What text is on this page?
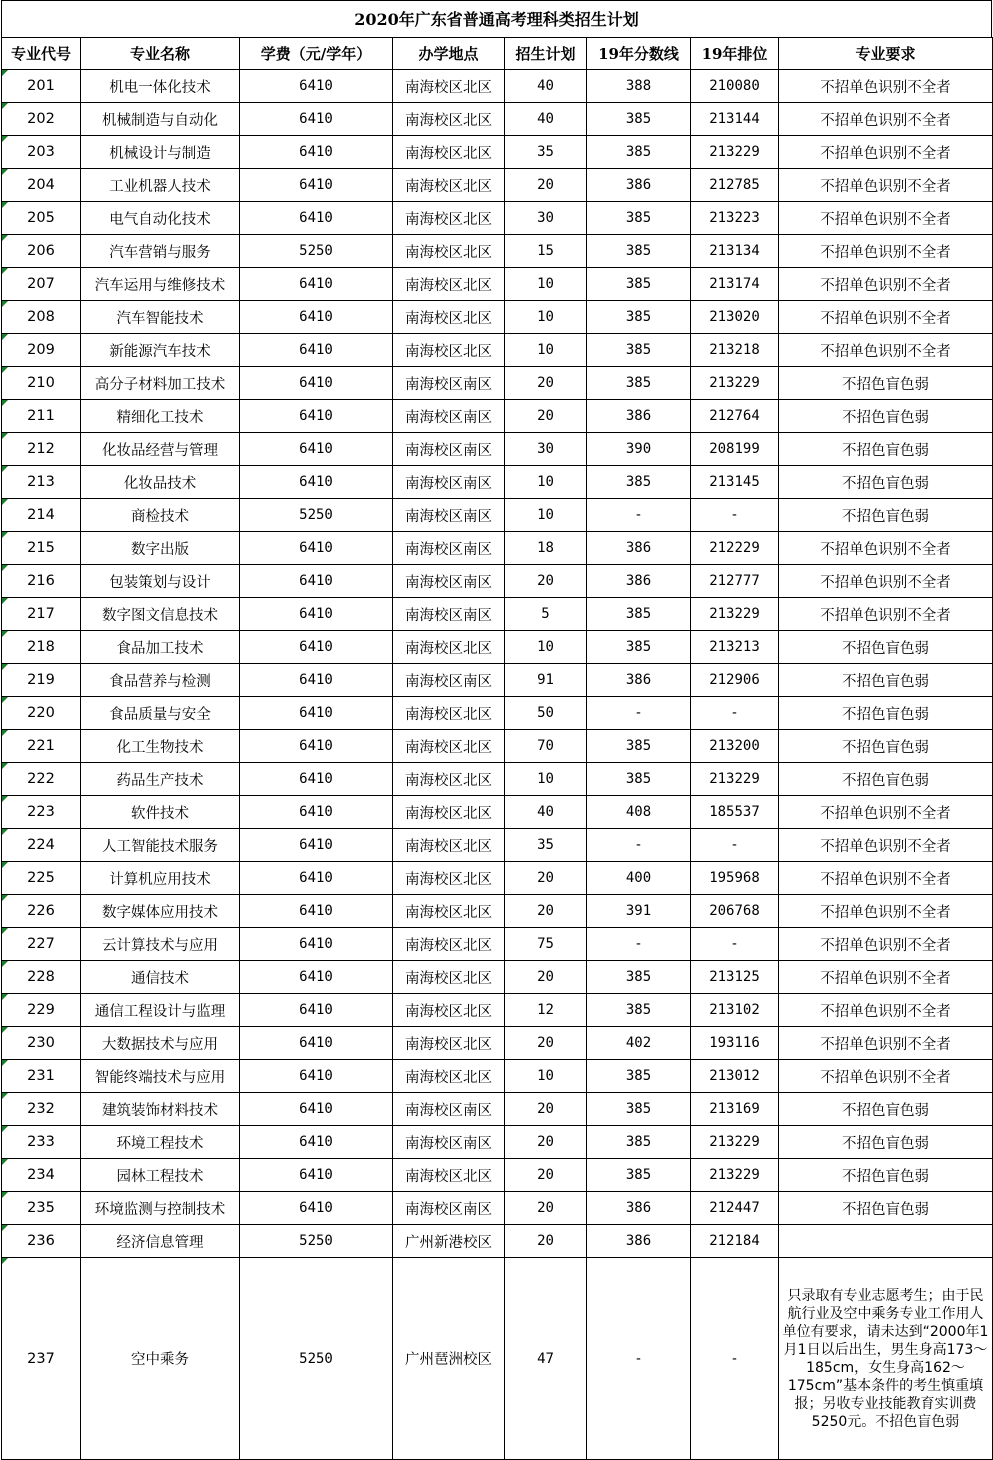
2020年广东省普通高考理科类招生计划
专业代号	专业名称	学费（元/学年）	办学地点	招生计划	19年分数线	19年排位	专业要求
201	机电一体化技术	6410	南海校区北区	40	388	210080	不招单色识别不全者
202	机械制造与自动化	6410	南海校区北区	40	385	213144	不招单色识别不全者
203	机械设计与制造	6410	南海校区北区	35	385	213229	不招单色识别不全者
204	工业机器人技术	6410	南海校区北区	20	386	212785	不招单色识别不全者
205	电气自动化技术	6410	南海校区北区	30	385	213223	不招单色识别不全者
206	汽车营销与服务	5250	南海校区北区	15	385	213134	不招单色识别不全者
207	汽车运用与维修技术	6410	南海校区北区	10	385	213174	不招单色识别不全者
208	汽车智能技术	6410	南海校区北区	10	385	213020	不招单色识别不全者
209	新能源汽车技术	6410	南海校区北区	10	385	213218	不招单色识别不全者
210	高分子材料加工技术	6410	南海校区南区	20	385	213229	不招色盲色弱
211	精细化工技术	6410	南海校区南区	20	386	212764	不招色盲色弱
212	化妆品经营与管理	6410	南海校区南区	30	390	208199	不招色盲色弱
213	化妆品技术	6410	南海校区南区	10	385	213145	不招色盲色弱
214	商检技术	5250	南海校区南区	10	-	-	不招色盲色弱
215	数字出版	6410	南海校区南区	18	386	212229	不招单色识别不全者
216	包装策划与设计	6410	南海校区南区	20	386	212777	不招单色识别不全者
217	数字图文信息技术	6410	南海校区南区	5	385	213229	不招单色识别不全者
218	食品加工技术	6410	南海校区北区	10	385	213213	不招色盲色弱
219	食品营养与检测	6410	南海校区南区	91	386	212906	不招色盲色弱
220	食品质量与安全	6410	南海校区北区	50	-	-	不招色盲色弱
221	化工生物技术	6410	南海校区北区	70	385	213200	不招色盲色弱
222	药品生产技术	6410	南海校区北区	10	385	213229	不招色盲色弱
223	软件技术	6410	南海校区北区	40	408	185537	不招单色识别不全者
224	人工智能技术服务	6410	南海校区北区	35	-	-	不招单色识别不全者
225	计算机应用技术	6410	南海校区北区	20	400	195968	不招单色识别不全者
226	数字媒体应用技术	6410	南海校区北区	20	391	206768	不招单色识别不全者
227	云计算技术与应用	6410	南海校区北区	75	-	-	不招单色识别不全者
228	通信技术	6410	南海校区北区	20	385	213125	不招单色识别不全者
229	通信工程设计与监理	6410	南海校区北区	12	385	213102	不招单色识别不全者
230	大数据技术与应用	6410	南海校区北区	20	402	193116	不招单色识别不全者
231	智能终端技术与应用	6410	南海校区北区	10	385	213012	不招单色识别不全者
232	建筑装饰材料技术	6410	南海校区南区	20	385	213169	不招色盲色弱
233	环境工程技术	6410	南海校区南区	20	385	213229	不招色盲色弱
234	园林工程技术	6410	南海校区北区	20	385	213229	不招色盲色弱
235	环境监测与控制技术	6410	南海校区南区	20	386	212447	不招色盲色弱
236	经济信息管理	5250	广州新港校区	20	386	212184	
237	空中乘务	5250	广州琶洲校区	47	-	-	只录取有专业志愿考生；由于民航行业及空中乘务专业工作用人单位有要求，请未达到“2000年1月1日以后出生，男生身高173～185cm，女生身高162～175cm”基本条件的考生慎重填报；另收专业技能教育实训费5250元。不招色盲色弱
